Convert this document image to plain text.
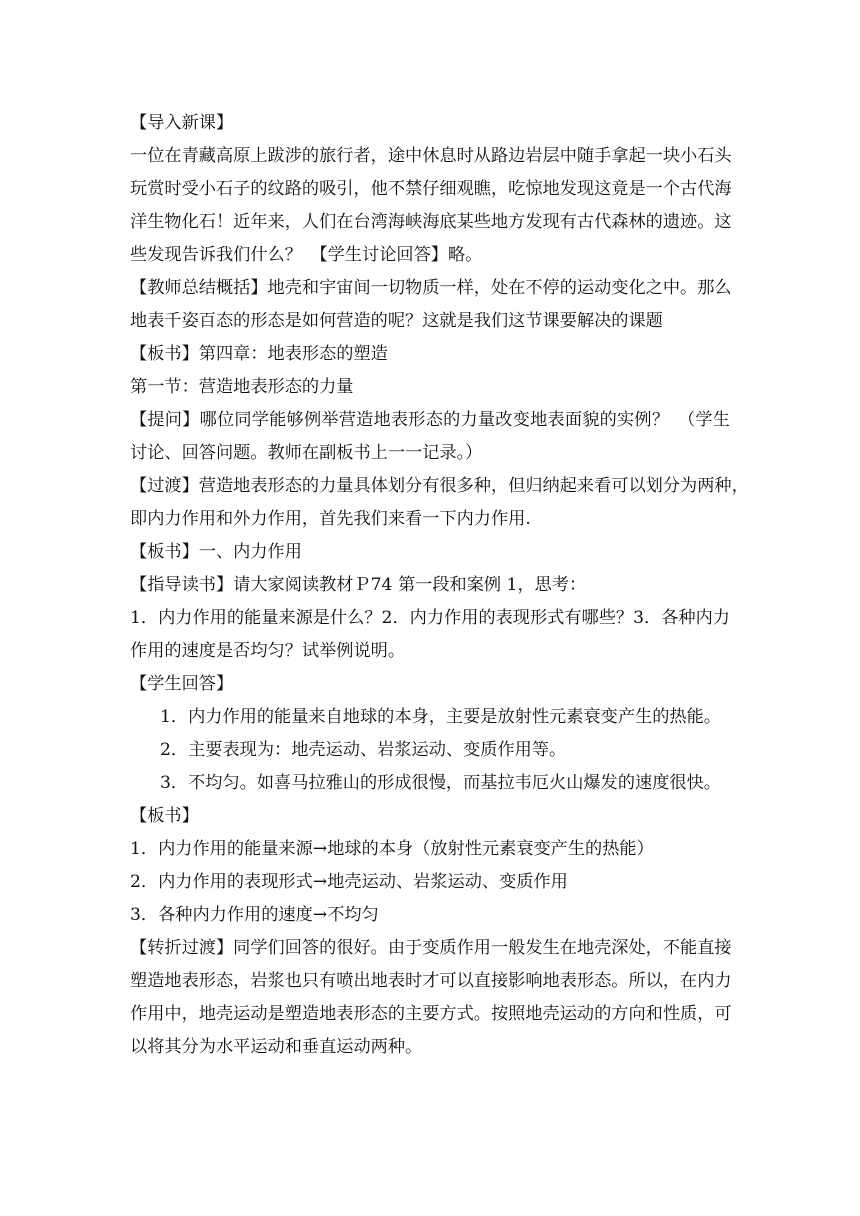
【导入新课】
一位在青藏高原上跋涉的旅行者，途中休息时从路边岩层中随手拿起一块小石头
玩赏时受小石子的纹路的吸引，他不禁仔细观瞧，吃惊地发现这竟是一个古代海
洋生物化石！近年来，人们在台湾海峡海底某些地方发现有古代森林的遗迹。这
些发现告诉我们什么？　【学生讨论回答】略。
【教师总结概括】地壳和宇宙间一切物质一样，处在不停的运动变化之中。那么
地表千姿百态的形态是如何营造的呢？这就是我们这节课要解决的课题
【板书】第四章：地表形态的塑造
第一节：营造地表形态的力量
【提问】哪位同学能够例举营造地表形态的力量改变地表面貌的实例？　（学生
讨论、回答问题。教师在副板书上一一记录。）
【过渡】营造地表形态的力量具体划分有很多种，但归纳起来看可以划分为两种，
即内力作用和外力作用，首先我们来看一下内力作用.
【板书】一、内力作用
【指导读书】请大家阅读教材Ｐ74 第一段和案例 1，思考：
1．内力作用的能量来源是什么？2．内力作用的表现形式有哪些？3．各种内力
作用的速度是否均匀？试举例说明。
【学生回答】
1．内力作用的能量来自地球的本身，主要是放射性元素衰变产生的热能。
2．主要表现为：地壳运动、岩浆运动、变质作用等。
3．不均匀。如喜马拉雅山的形成很慢，而基拉韦厄火山爆发的速度很快。
【板书】
1．内力作用的能量来源→地球的本身（放射性元素衰变产生的热能）
2．内力作用的表现形式→地壳运动、岩浆运动、变质作用
3．各种内力作用的速度→不均匀
【转折过渡】同学们回答的很好。由于变质作用一般发生在地壳深处，不能直接
塑造地表形态，岩浆也只有喷出地表时才可以直接影响地表形态。所以，在内力
作用中，地壳运动是塑造地表形态的主要方式。按照地壳运动的方向和性质，可
以将其分为水平运动和垂直运动两种。
